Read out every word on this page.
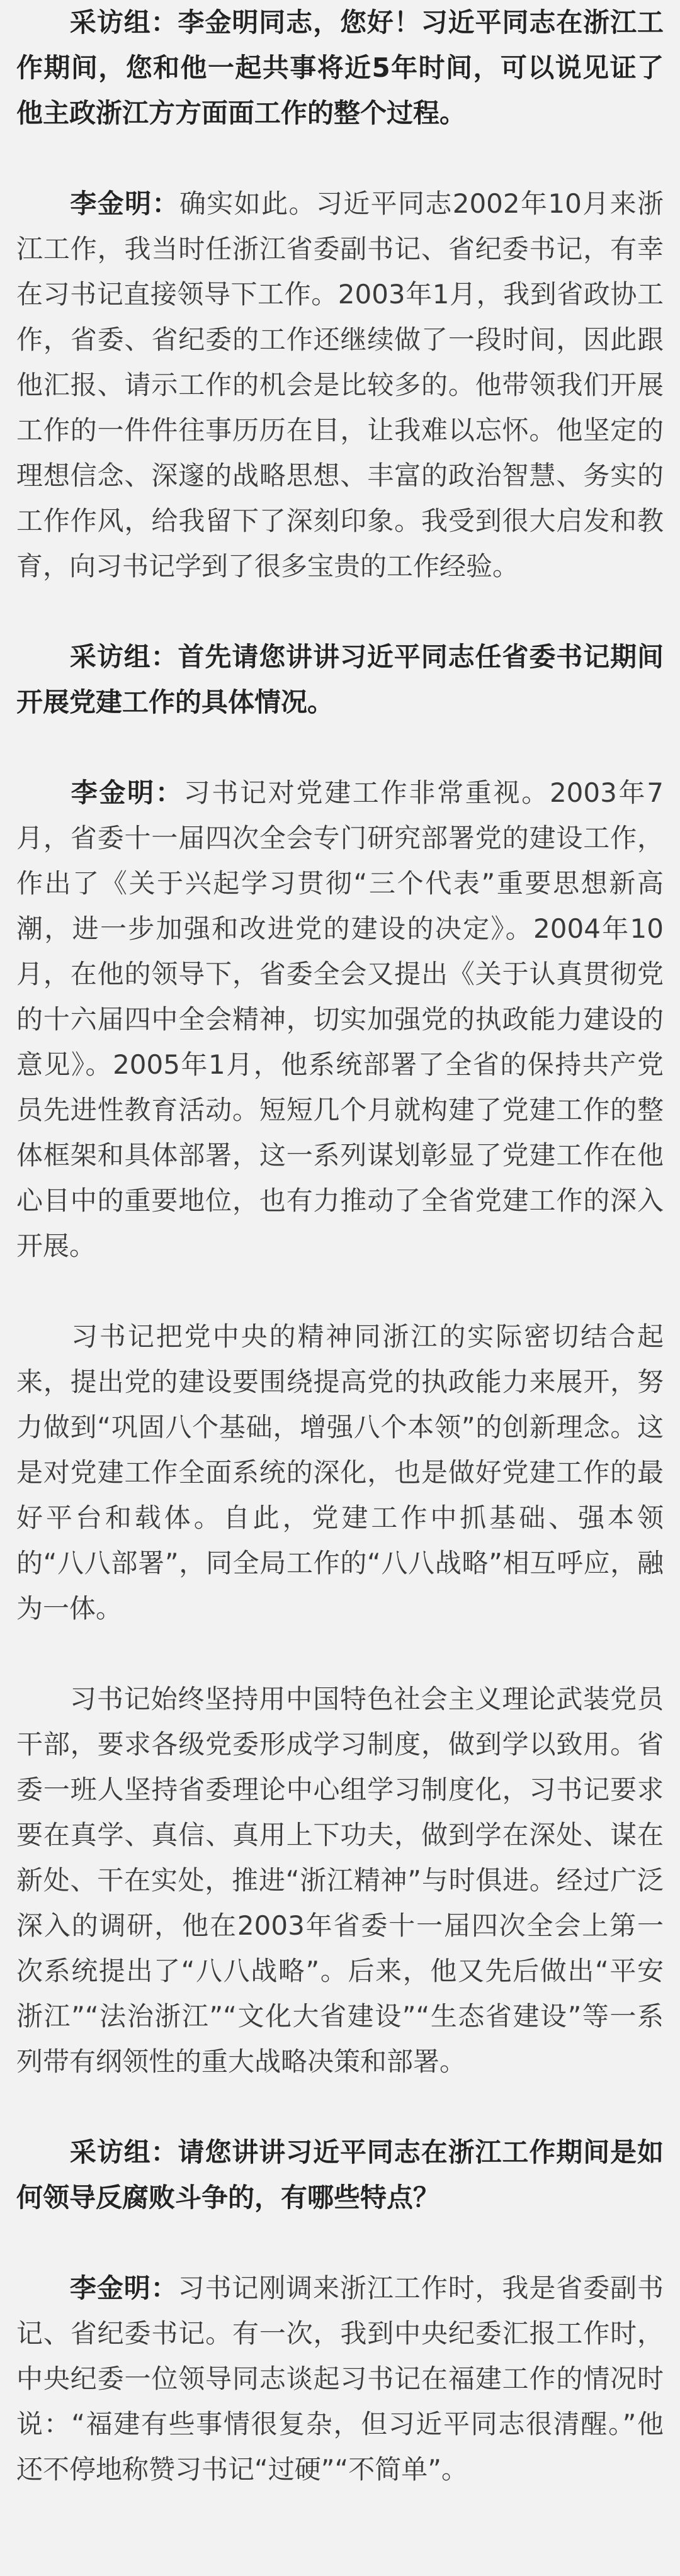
采访组：李金明同志，您好！习近平同志在浙江工作期间，您和他一起共事将近5年时间，可以说见证了他主政浙江方方面面工作的整个过程。

李金明：确实如此。习近平同志2002年10月来浙江工作，我当时任浙江省委副书记、省纪委书记，有幸在习书记直接领导下工作。2003年1月，我到省政协工作，省委、省纪委的工作还继续做了一段时间，因此跟他汇报、请示工作的机会是比较多的。他带领我们开展工作的一件件往事历历在目，让我难以忘怀。他坚定的理想信念、深邃的战略思想、丰富的政治智慧、务实的工作作风，给我留下了深刻印象。我受到很大启发和教育，向习书记学到了很多宝贵的工作经验。

采访组：首先请您讲讲习近平同志任省委书记期间开展党建工作的具体情况。

李金明：习书记对党建工作非常重视。2003年7月，省委十一届四次全会专门研究部署党的建设工作，作出了《关于兴起学习贯彻“三个代表”重要思想新高潮，进一步加强和改进党的建设的决定》。2004年10月，在他的领导下，省委全会又提出《关于认真贯彻党的十六届四中全会精神，切实加强党的执政能力建设的意见》。2005年1月，他系统部署了全省的保持共产党员先进性教育活动。短短几个月就构建了党建工作的整体框架和具体部署，这一系列谋划彰显了党建工作在他心目中的重要地位，也有力推动了全省党建工作的深入开展。

习书记把党中央的精神同浙江的实际密切结合起来，提出党的建设要围绕提高党的执政能力来展开，努力做到“巩固八个基础，增强八个本领”的创新理念。这是对党建工作全面系统的深化，也是做好党建工作的最好平台和载体。自此，党建工作中抓基础、强本领的“八八部署”，同全局工作的“八八战略”相互呼应，融为一体。

习书记始终坚持用中国特色社会主义理论武装党员干部，要求各级党委形成学习制度，做到学以致用。省委一班人坚持省委理论中心组学习制度化，习书记要求要在真学、真信、真用上下功夫，做到学在深处、谋在新处、干在实处，推进“浙江精神”与时俱进。经过广泛深入的调研，他在2003年省委十一届四次全会上第一次系统提出了“八八战略”。后来，他又先后做出“平安浙江”“法治浙江”“文化大省建设”“生态省建设”等一系列带有纲领性的重大战略决策和部署。

采访组：请您讲讲习近平同志在浙江工作期间是如何领导反腐败斗争的，有哪些特点？

李金明：习书记刚调来浙江工作时，我是省委副书记、省纪委书记。有一次，我到中央纪委汇报工作时，中央纪委一位领导同志谈起习书记在福建工作的情况时说：“福建有些事情很复杂，但习近平同志很清醒。”他还不停地称赞习书记“过硬”“不简单”。
